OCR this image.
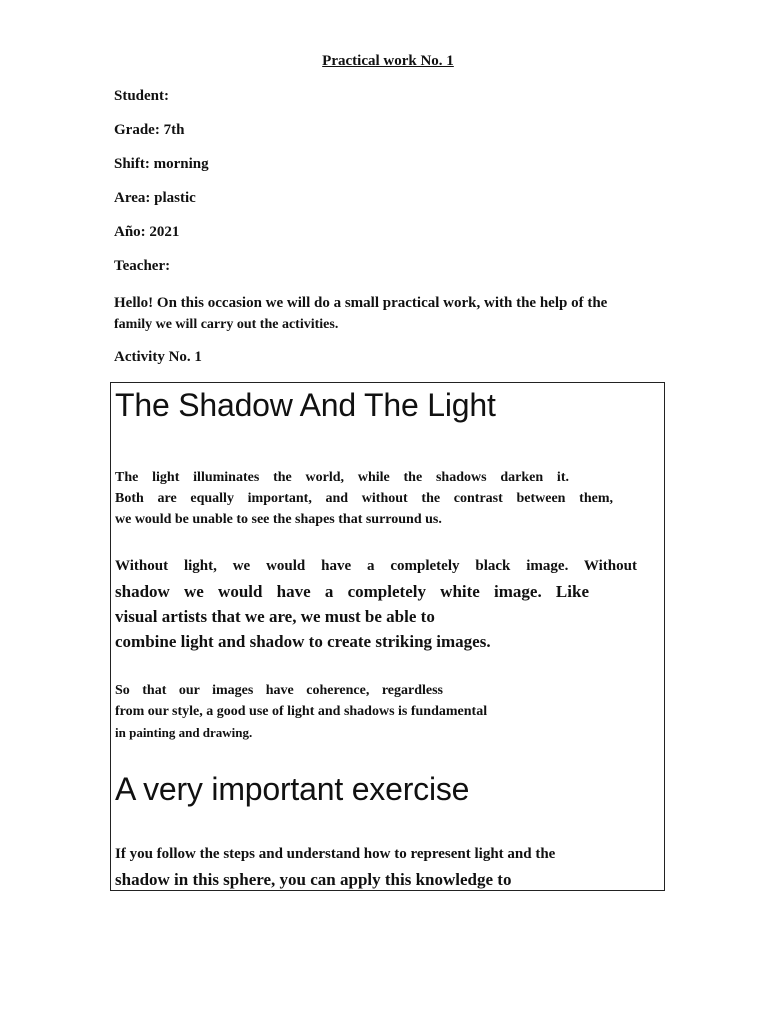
Practical work No. 1
Student:
Grade: 7th
Shift: morning
Area: plastic
Año: 2021
Teacher:
Hello! On this occasion we will do a small practical work, with the help of the
family we will carry out the activities.
Activity No. 1
The Shadow And The Light
The light illuminates the world, while the shadows darken it.
Both are equally important, and without the contrast between them,
we would be unable to see the shapes that surround us.
Without light, we would have a completely black image. Without
shadow we would have a completely white image. Like
visual artists that we are, we must be able to
combine light and shadow to create striking images.
So that our images have coherence, regardless
from our style, a good use of light and shadows is fundamental
in painting and drawing.
A very important exercise
If you follow the steps and understand how to represent light and the
shadow in this sphere, you can apply this knowledge to
